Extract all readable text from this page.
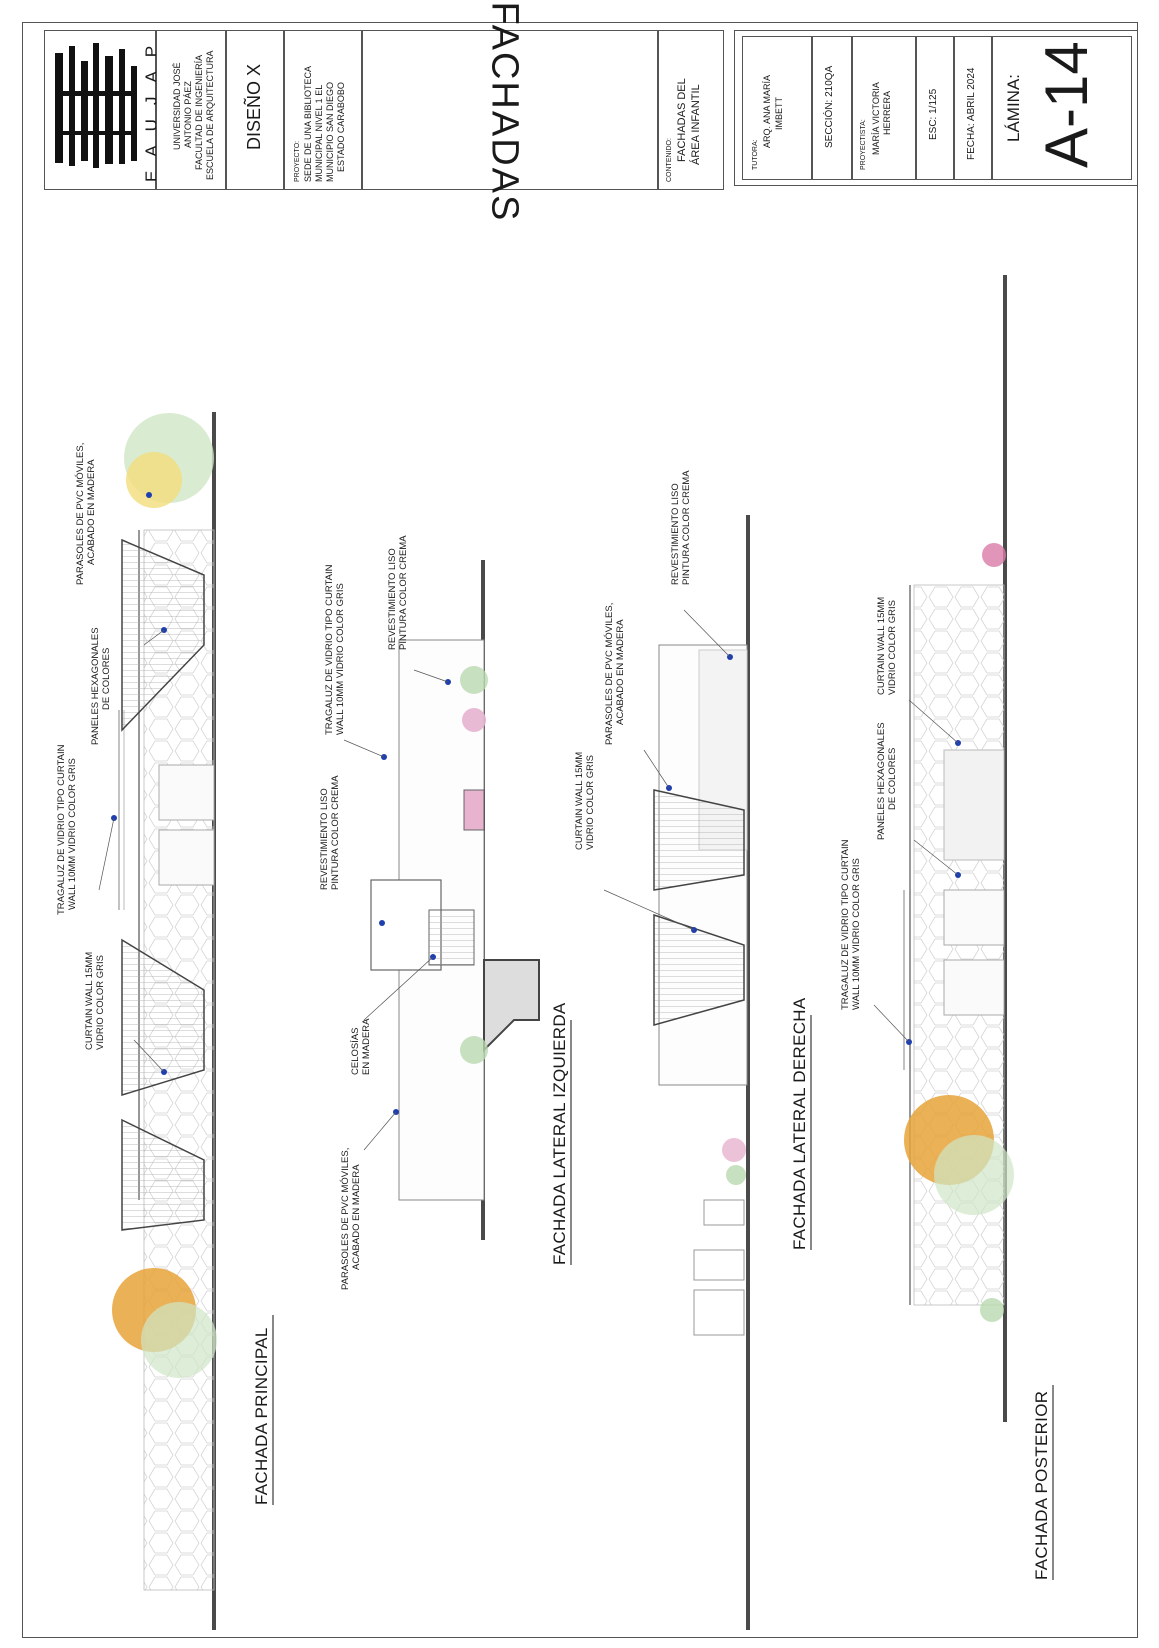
EAUJAP UNIVERSIDAD JOSÉ ANTONIO PÁEZ FACULTAD DE INGENIERÍA ESCUELA DE ARQUITECTURA DISEÑO X
PROYECTO: SEDE DE UNA BIBLIOTECA MUNICIPAL NIVEL 1 EL MUNICIPIO SAN DIEGO ESTADO CARABOBO	FACHADAS	CONTENIDO: FACHADAS DEL ÁREA INFANTIL	TUTORA:
ARQ. ANA MARÍA IMBETT	SECCIÓN: 210QA	PROYECTISTA: MARÍA VICTORIA HERRERA	ESC: 1/125	FECHA: ABRIL 2024 LÁMINA: A-14
FACHADA PRINCIPAL
TRAGALUZ DE VIDRIO TIPO CURTAIN WALL 10MM VIDRIO COLOR GRIS
PANELES HEXAGONALES DE COLORES
PARASOLES DE PVC MÓVILES, ACABADO EN MADERA
CURTAIN WALL 15MM VIDRIO COLOR GRIS	FACHADA LATERAL IZQUIERDA
TRAGALUZ DE VIDRIO TIPO CURTAIN WALL 10MM VIDRIO COLOR GRIS	REVESTIMIENTO LISO PINTURA COLOR CREMA
REVESTIMIENTO LISO PINTURA COLOR CREMA
CELOSÍAS EN MADERA
PARASOLES DE PVC MÓVILES, ACABADO EN MADERA	FACHADA LATERAL DERECHA
REVESTIMIENTO LISO PINTURA COLOR CREMA
PARASOLES DE PVC MÓVILES, ACABADO EN MADERA
CURTAIN WALL 15MM VIDRIO COLOR GRIS
FACHADA POSTERIOR
CURTAIN WALL 15MM VIDRIO COLOR GRIS
PANELES HEXAGONALES DE COLORES
TRAGALUZ DE VIDRIO TIPO CURTAIN WALL 10MM VIDRIO COLOR GRIS
